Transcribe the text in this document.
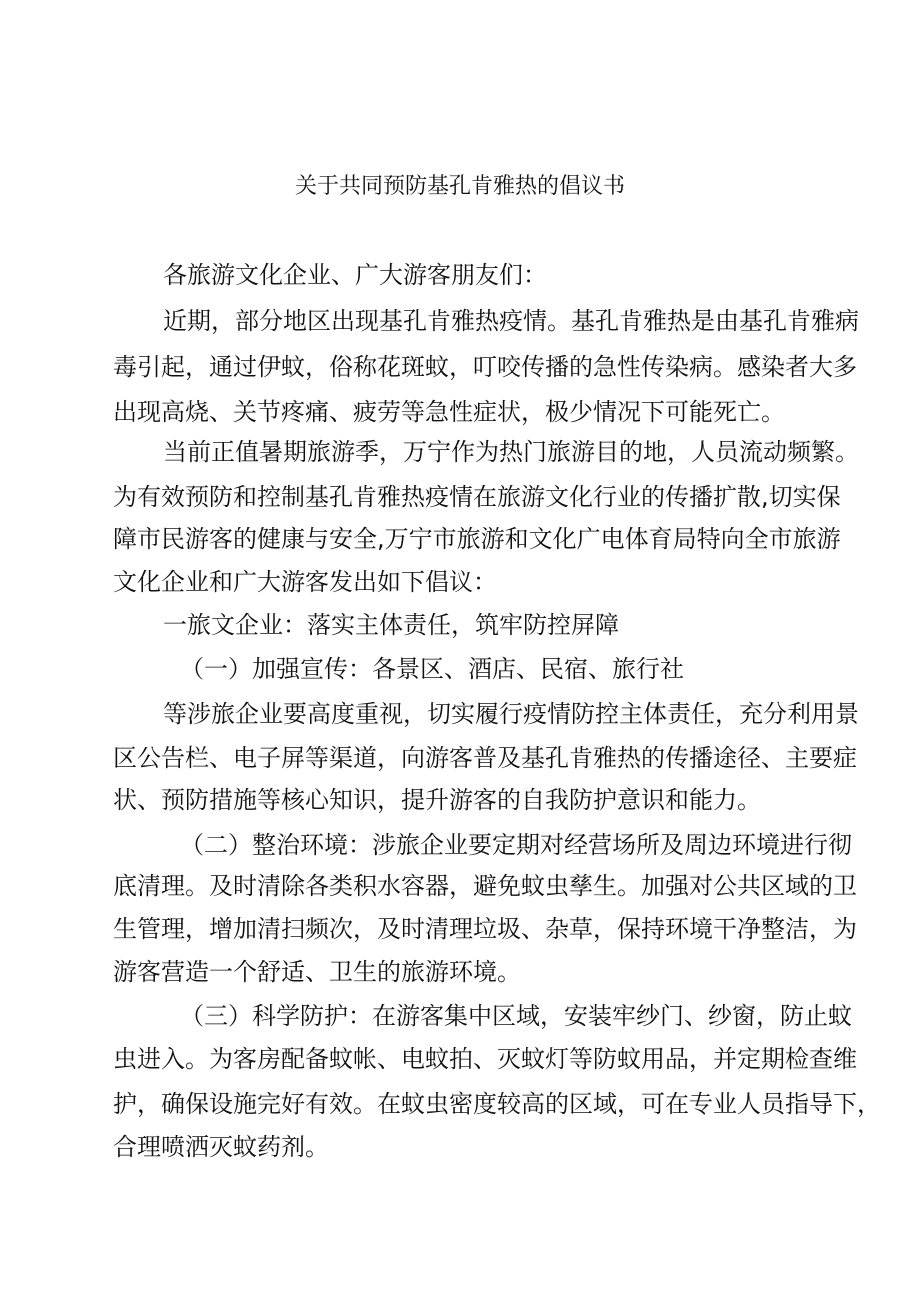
关于共同预防基孔肯雅热的倡议书
各旅游文化企业、广大游客朋友们：
近期，部分地区出现基孔肯雅热疫情。基孔肯雅热是由基孔肯雅病
毒引起，通过伊蚊，俗称花斑蚊，叮咬传播的急性传染病。感染者大多
出现高烧、关节疼痛、疲劳等急性症状，极少情况下可能死亡。
当前正值暑期旅游季，万宁作为热门旅游目的地，人员流动频繁。
为有效预防和控制基孔肯雅热疫情在旅游文化行业的传播扩散,切实保
障市民游客的健康与安全,万宁市旅游和文化广电体育局特向全市旅游
文化企业和广大游客发出如下倡议：
一旅文企业：落实主体责任，筑牢防控屏障
（一）加强宣传：各景区、酒店、民宿、旅行社
等涉旅企业要高度重视，切实履行疫情防控主体责任，充分利用景
区公告栏、电子屏等渠道，向游客普及基孔肯雅热的传播途径、主要症
状、预防措施等核心知识，提升游客的自我防护意识和能力。
（二）整治环境：涉旅企业要定期对经营场所及周边环境进行彻
底清理。及时清除各类积水容器，避免蚊虫孳生。加强对公共区域的卫
生管理，增加清扫频次，及时清理垃圾、杂草，保持环境干净整洁，为
游客营造一个舒适、卫生的旅游环境。
（三）科学防护：在游客集中区域，安装牢纱门、纱窗，防止蚊
虫进入。为客房配备蚊帐、电蚊拍、灭蚊灯等防蚊用品，并定期检查维
护，确保设施完好有效。在蚊虫密度较高的区域，可在专业人员指导下，
合理喷洒灭蚊药剂。
